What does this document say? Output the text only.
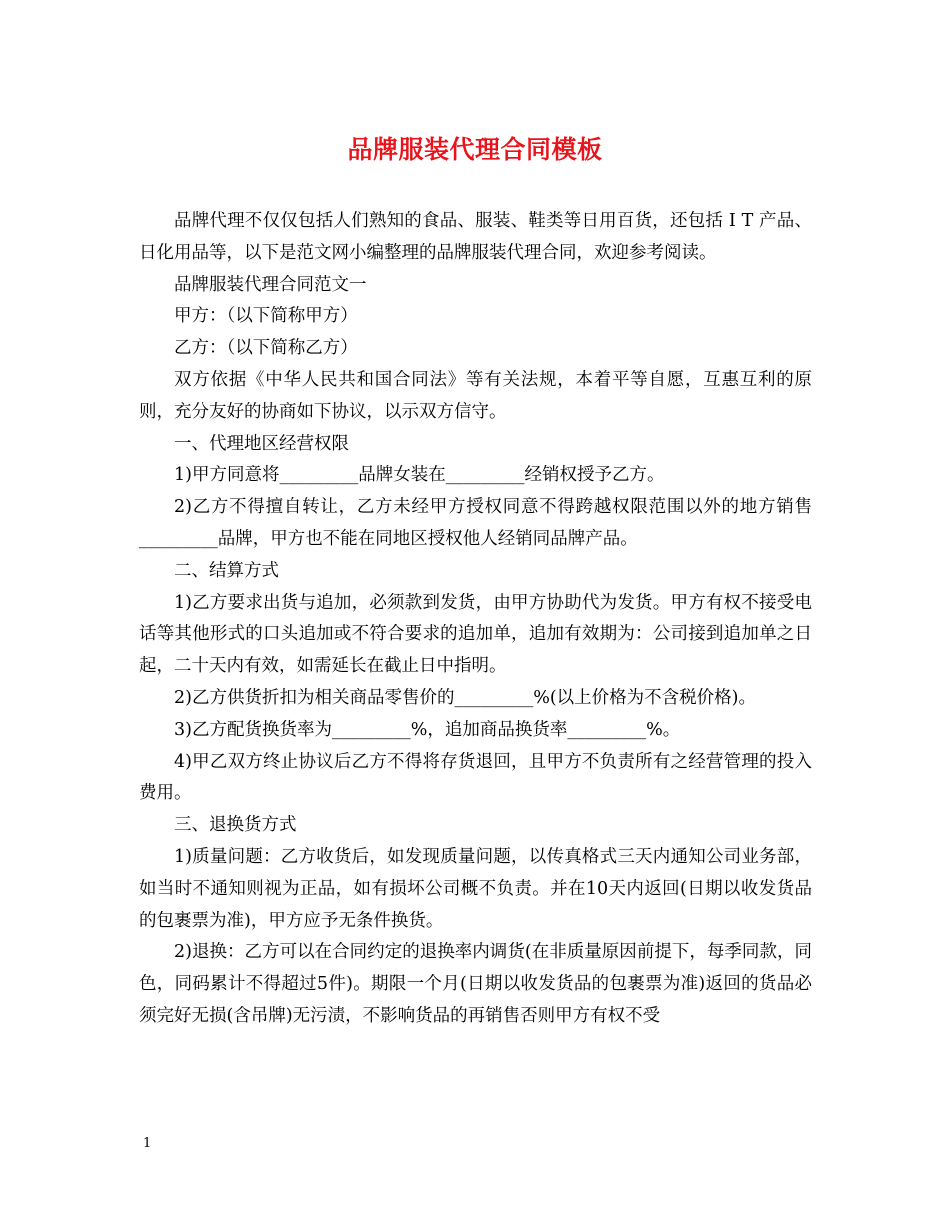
品牌服装代理合同模板

品牌代理不仅仅包括人们熟知的食品、服装、鞋类等日用百货，还包括 I T 产品、日化用品等，以下是范文网小编整理的品牌服装代理合同，欢迎参考阅读。

品牌服装代理合同范文一

甲方：（以下简称甲方）

乙方：（以下简称乙方）

双方依据《中华人民共和国合同法》等有关法规，本着平等自愿，互惠互利的原则，充分友好的协商如下协议，以示双方信守。

一、代理地区经营权限

1)甲方同意将_________品牌女装在_________经销权授予乙方。

2)乙方不得擅自转让，乙方未经甲方授权同意不得跨越权限范围以外的地方销售_________品牌，甲方也不能在同地区授权他人经销同品牌产品。

二、结算方式

1)乙方要求出货与追加，必须款到发货，由甲方协助代为发货。甲方有权不接受电话等其他形式的口头追加或不符合要求的追加单，追加有效期为：公司接到追加单之日起，二十天内有效，如需延长在截止日中指明。

2)乙方供货折扣为相关商品零售价的_________%(以上价格为不含税价格)。

3)乙方配货换货率为_________%，追加商品换货率_________%。

4)甲乙双方终止协议后乙方不得将存货退回，且甲方不负责所有之经营管理的投入费用。

三、退换货方式

1)质量问题：乙方收货后，如发现质量问题，以传真格式三天内通知公司业务部，如当时不通知则视为正品，如有损坏公司概不负责。并在10天内返回(日期以收发货品的包裹票为准)，甲方应予无条件换货。

2)退换：乙方可以在合同约定的退换率内调货(在非质量原因前提下，每季同款，同色，同码累计不得超过5件)。期限一个月(日期以收发货品的包裹票为准)返回的货品必须完好无损(含吊牌)无污渍，不影响货品的再销售否则甲方有权不受

1
